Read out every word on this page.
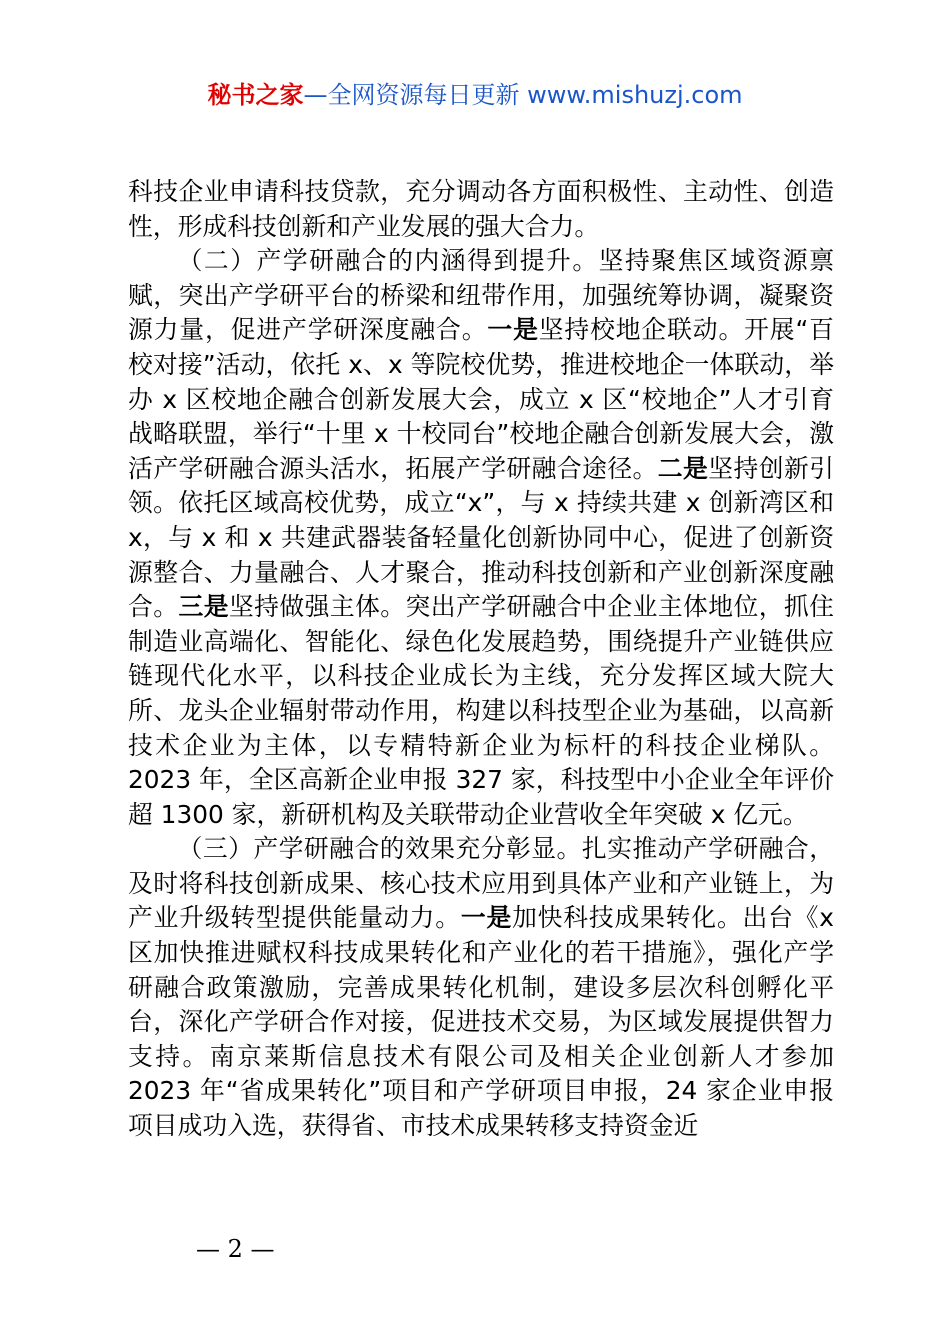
秘书之家—全网资源每日更新 www.mishuzj.com

科技企业申请科技贷款，充分调动各方面积极性、主动性、创造性，形成科技创新和产业发展的强大合力。

（二）产学研融合的内涵得到提升。坚持聚焦区域资源禀赋，突出产学研平台的桥梁和纽带作用，加强统筹协调，凝聚资源力量，促进产学研深度融合。一是坚持校地企联动。开展“百校对接”活动，依托 x、x 等院校优势，推进校地企一体联动，举办 x 区校地企融合创新发展大会，成立 x 区“校地企”人才引育战略联盟，举行“十里 x 十校同台”校地企融合创新发展大会，激活产学研融合源头活水，拓展产学研融合途径。二是坚持创新引领。依托区域高校优势，成立“x”，与 x 持续共建 x 创新湾区和 x，与 x 和 x 共建武器装备轻量化创新协同中心，促进了创新资源整合、力量融合、人才聚合，推动科技创新和产业创新深度融合。三是坚持做强主体。突出产学研融合中企业主体地位，抓住制造业高端化、智能化、绿色化发展趋势，围绕提升产业链供应链现代化水平，以科技企业成长为主线，充分发挥区域大院大所、龙头企业辐射带动作用，构建以科技型企业为基础，以高新技术企业为主体，以专精特新企业为标杆的科技企业梯队。2023 年，全区高新企业申报 327 家，科技型中小企业全年评价超 1300 家，新研机构及关联带动企业营收全年突破 x 亿元。

（三）产学研融合的效果充分彰显。扎实推动产学研融合，及时将科技创新成果、核心技术应用到具体产业和产业链上，为产业升级转型提供能量动力。一是加快科技成果转化。出台《x 区加快推进赋权科技成果转化和产业化的若干措施》，强化产学研融合政策激励，完善成果转化机制，建设多层次科创孵化平台，深化产学研合作对接，促进技术交易，为区域发展提供智力支持。南京莱斯信息技术有限公司及相关企业创新人才参加 2023 年“省成果转化”项目和产学研项目申报，24 家企业申报项目成功入选，获得省、市技术成果转移支持资金近

— 2 —
